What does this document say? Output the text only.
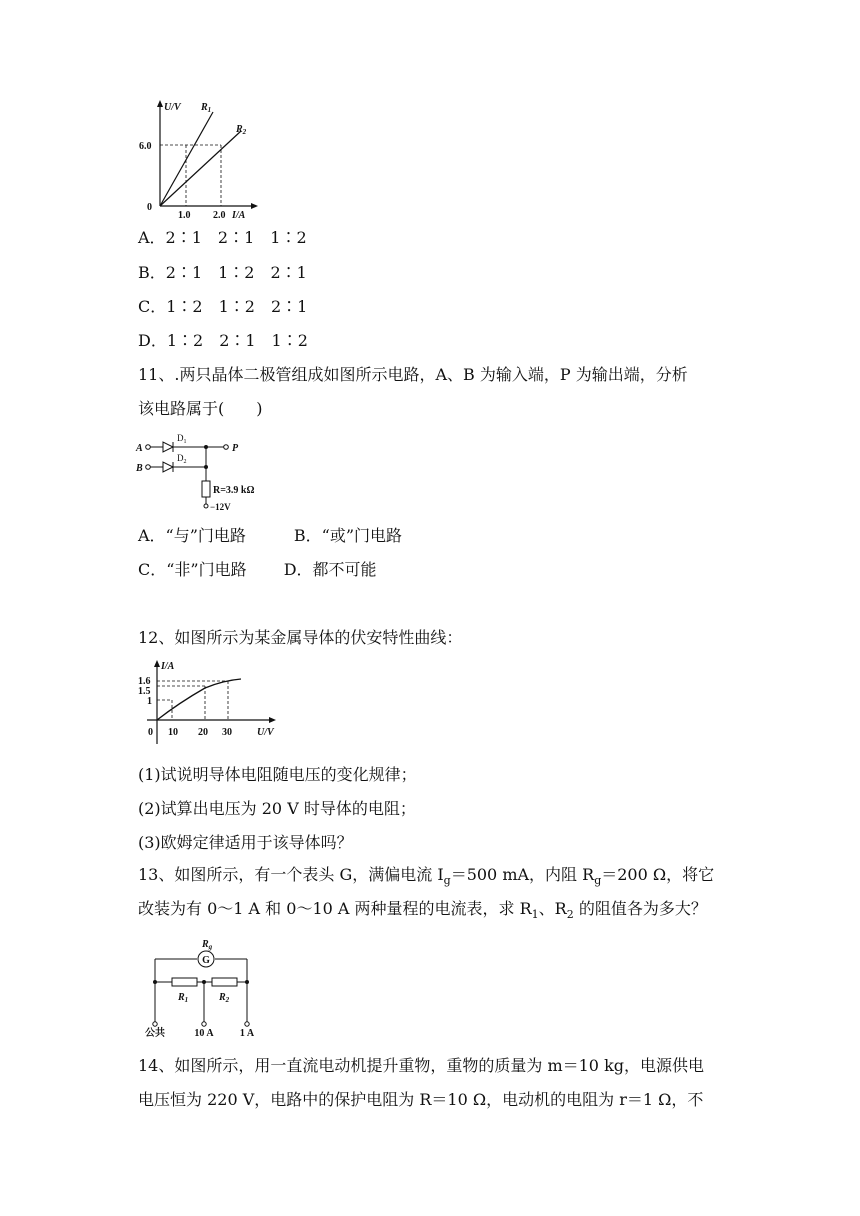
U/V
I/A
0
6.0
1.0 2.0
$R_1$
$R_2$
A．2∶1　2∶1　1∶2
B．2∶1　1∶2　2∶1
C．1∶2　1∶2　2∶1
D．1∶2　2∶1　1∶2
11、.两只晶体二极管组成如图所示电路，A、B 为输入端，P 为输出端，分析
该电路属于(　　)
A
B
P
$D_1$
$D_2$
R=3.9 kΩ
−12V
A．“与”门电路　　　B．“或”门电路
C．“非”门电路　　 D．都不可能
12、如图所示为某金属导体的伏安特性曲线：
I/A
U/V
0
1.6
1.5
1
10 20 30
(1)试说明导体电阻随电压的变化规律；
(2)试算出电压为 20 V 时导体的电阻；
(3)欧姆定律适用于该导体吗？
13、如图所示，有一个表头 G，满偏电流 $I_g=500$ mA，内阻 $R_g=200$ Ω，将它
改装为有 0～1 A 和 0～10 A 两种量程的电流表，求 $R_1$、$R_2$ 的阻值各为多大？
G
$R_g$
$R_1$	$R_2$
公共	10 A	1 A
14、如图所示，用一直流电动机提升重物，重物的质量为 m＝10 kg，电源供电
电压恒为 220 V，电路中的保护电阻为 R＝10 Ω，电动机的电阻为 r＝1 Ω，不
